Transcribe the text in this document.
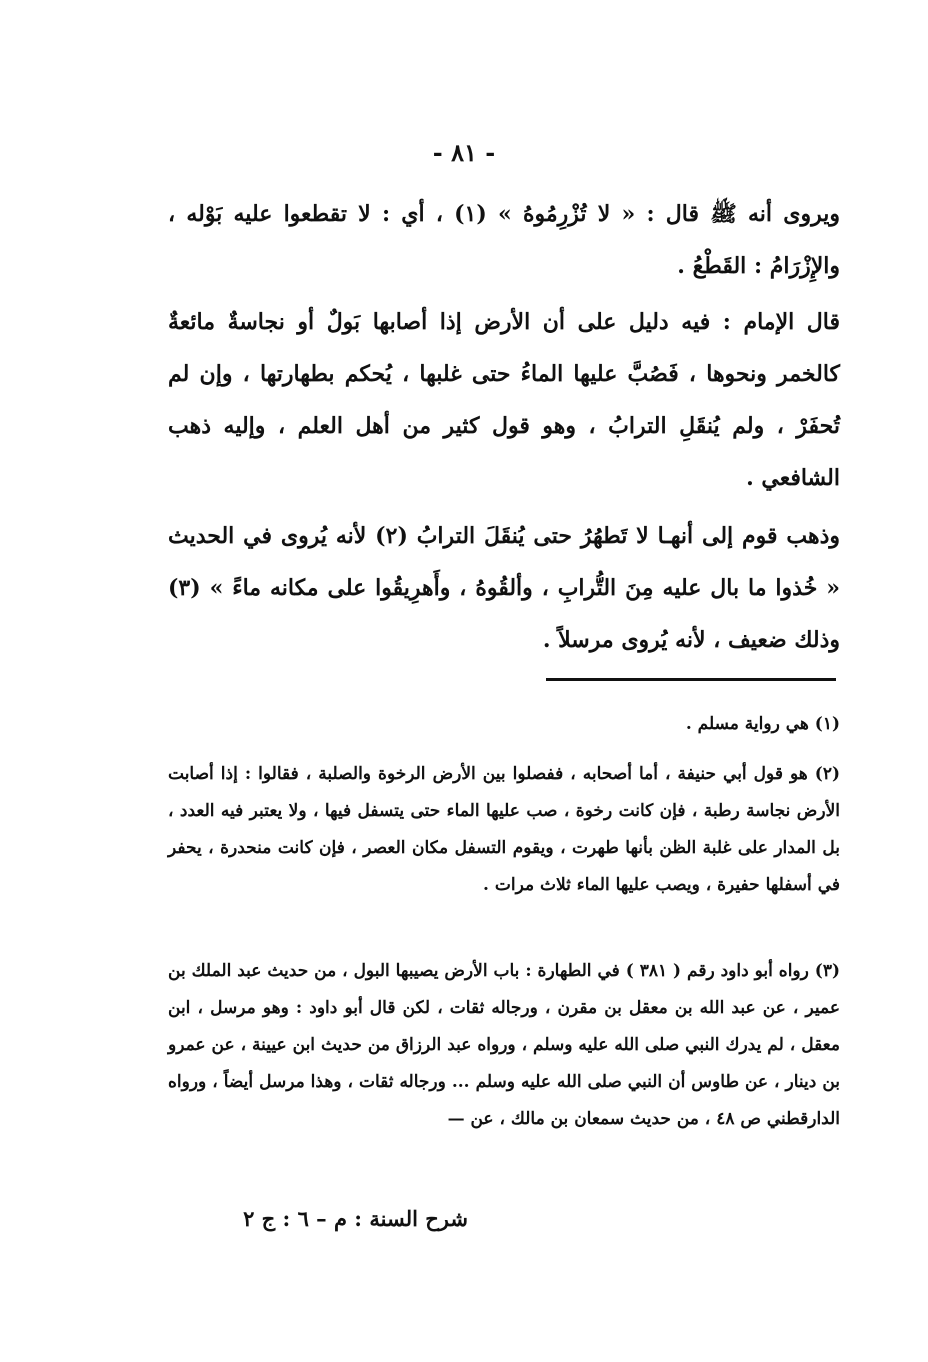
- ٨١ -

ويروى أنه ﷺ قال : « لا تُزْرِمُوهُ » (١) ، أي : لا تقطعوا عليه بَوْله ، والإِزْرَامُ : القَطْعُ .

قال الإمام : فيه دليل على أن الأرض إذا أصابها بَولٌ أو نجاسةٌ مائعةٌ كالخمر ونحوها ، فَصُبَّ عليها الماءُ حتى غلبها ، يُحكم بطهارتها ، وإن لم تُحفَرْ ، ولم يُنقَلِ الترابُ ، وهو قول كثير من أهل العلم ، وإليه ذهب الشافعي .

وذهب قوم إلى أنهـا لا تَطهُرُ حتى يُنقَلَ الترابُ (٢) لأنه يُروى في الحديث « خُذوا ما بال عليه مِنَ التُّرابِ ، وألقُوهُ ، وأَهرِيقُوا على مكانه ماءً » (٣) وذلك ضعيف ، لأنه يُروى مرسلاً .

(١) هي رواية مسلم .

(٢) هو قول أبي حنيفة ، أما أصحابه ، ففصلوا بين الأرض الرخوة والصلبة ، فقالوا : إذا أصابت الأرض نجاسة رطبة ، فإن كانت رخوة ، صب عليها الماء حتى يتسفل فيها ، ولا يعتبر فيه العدد ، بل المدار على غلبة الظن بأنها طهرت ، ويقوم التسفل مكان العصر ، فإن كانت منحدرة ، يحفر في أسفلها حفيرة ، ويصب عليها الماء ثلاث مرات .

(٣) رواه أبو داود رقم ( ٣٨١ ) في الطهارة : باب الأرض يصيبها البول ، من حديث عبد الملك بن عمير ، عن عبد الله بن معقل بن مقرن ، ورجاله ثقات ، لكن قال أبو داود : وهو مرسل ، ابن معقل ، لم يدرك النبي صلى الله عليه وسلم ، ورواه عبد الرزاق من حديث ابن عيينة ، عن عمرو بن دينار ، عن طاوس أن النبي صلى الله عليه وسلم ... ورجاله ثقات ، وهذا مرسل أيضاً ، ورواه الدارقطني ص ٤٨ ، من حديث سمعان بن مالك ، عن —

شرح السنة : م – ٦ : ج ٢
